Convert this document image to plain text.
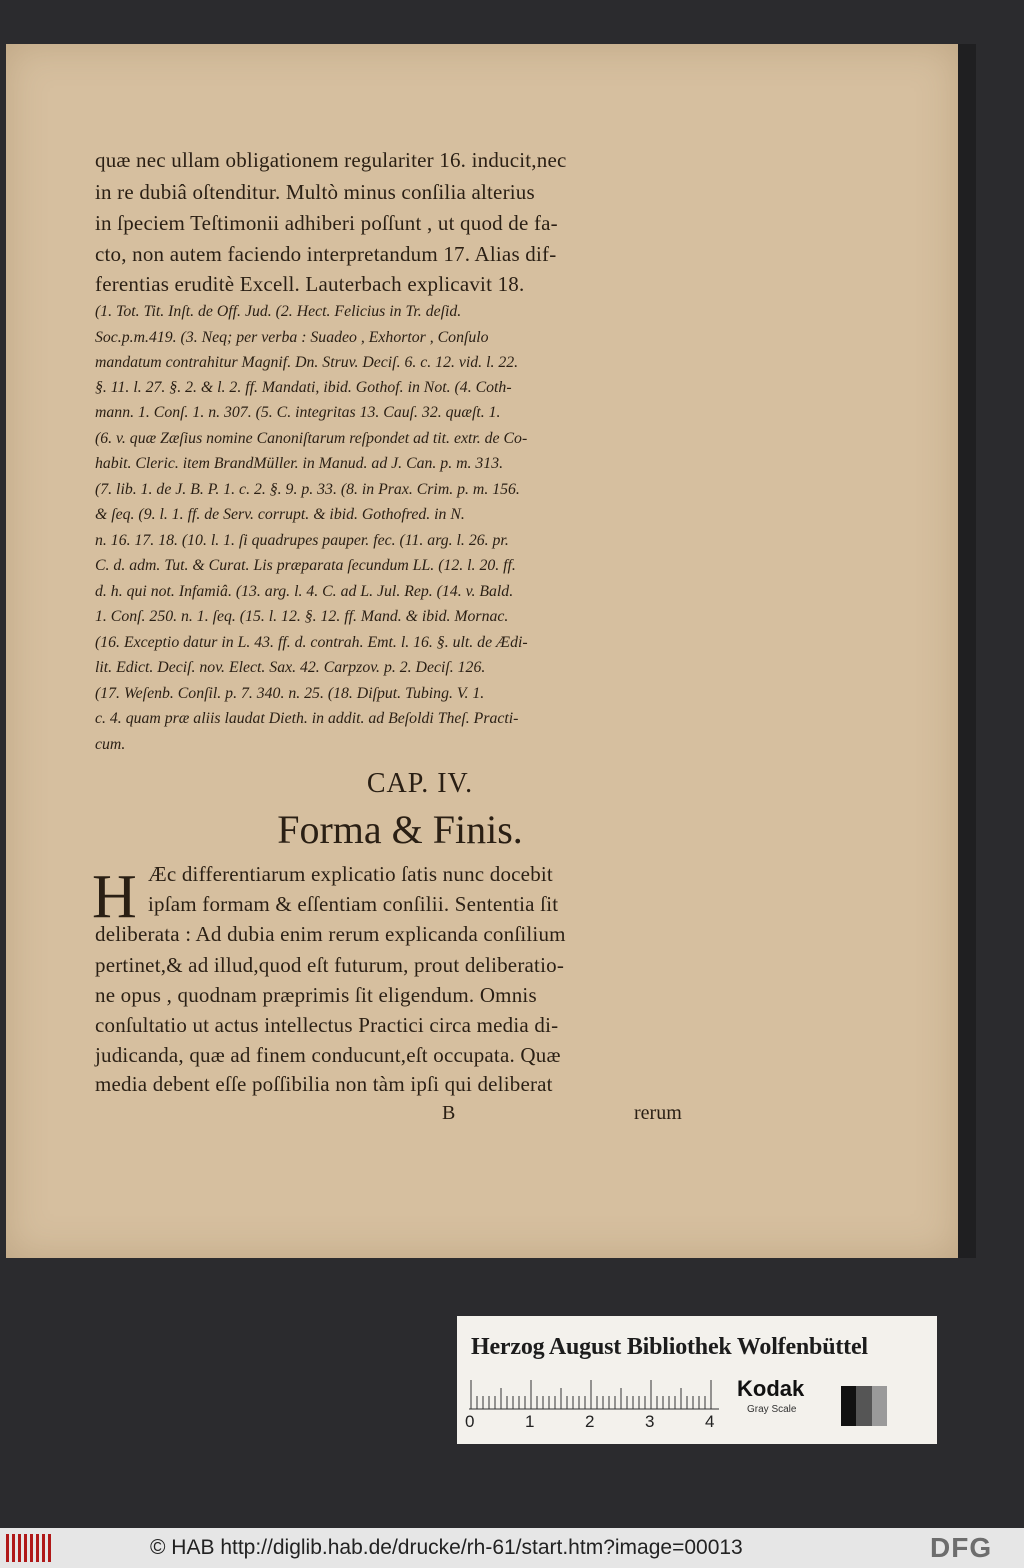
quæ nec ullam obligationem regulariter 16. inducit,nec
in re dubiâ oſtenditur. Multò minus conſilia alterius
in ſpeciem Teſtimonii adhiberi poſſunt , ut quod de fa-
cto, non autem faciendo interpretandum 17. Alias dif-
ferentias eruditè Excell. Lauterbach explicavit 18.
(1. Tot. Tit. Inſt. de Off. Jud. (2. Hect. Felicius in Tr. deſid.
Soc.p.m.419. (3. Neq; per verba : Suadeo , Exhortor , Conſulo
mandatum contrahitur Magnif. Dn. Struv. Deciſ. 6. c. 12. vid. l. 22.
§. 11. l. 27. §. 2. & l. 2. ff. Mandati, ibid. Gothof. in Not. (4. Coth-
mann. 1. Conſ. 1. n. 307. (5. C. integritas 13. Cauſ. 32. quæſt. 1.
(6. v. quæ Zæſius nomine Canoniſtarum reſpondet ad tit. extr. de Co-
habit. Cleric. item BrandMüller. in Manud. ad J. Can. p. m. 313.
(7. lib. 1. de J. B. P. 1. c. 2. §. 9. p. 33. (8. in Prax. Crim. p. m. 156.
& ſeq. (9. l. 1. ff. de Serv. corrupt. & ibid. Gothofred. in N.
n. 16. 17. 18. (10. l. 1. ſi quadrupes pauper. fec. (11. arg. l. 26. pr.
C. d. adm. Tut. & Curat. Lis præparata ſecundum LL. (12. l. 20. ff.
d. h. qui not. Infamiâ. (13. arg. l. 4. C. ad L. Jul. Rep. (14. v. Bald.
1. Conſ. 250. n. 1. ſeq. (15. l. 12. §. 12. ff. Mand. & ibid. Mornac.
(16. Exceptio datur in L. 43. ff. d. contrah. Emt. l. 16. §. ult. de Ædi-
lit. Edict. Deciſ. nov. Elect. Sax. 42. Carpzov. p. 2. Deciſ. 126.
(17. Weſenb. Conſil. p. 7. 340. n. 25. (18. Diſput. Tubing. V. 1.
c. 4. quam præ aliis laudat Dieth. in addit. ad Beſoldi Theſ. Practi-
cum.
CAP. IV.
Forma & Finis.
H Æc differentiarum explicatio ſatis nunc docebit
ipſam formam & eſſentiam conſilii. Sententia ſit
deliberata : Ad dubia enim rerum explicanda conſilium
pertinet,& ad illud,quod eſt futurum, prout deliberatio-
ne opus , quodnam præprimis ſit eligendum. Omnis
conſultatio ut actus intellectus Practici circa media di-
judicanda, quæ ad finem conducunt,eſt occupata. Quæ
media debent eſſe poſſibilia non tàm ipſi qui deliberat
B	rerum
Herzog August Bibliothek Wolfenbüttel
0	1	2	3	4
Kodak
Gray Scale
© HAB http://diglib.hab.de/drucke/rh-61/start.htm?image=00013	DFG
